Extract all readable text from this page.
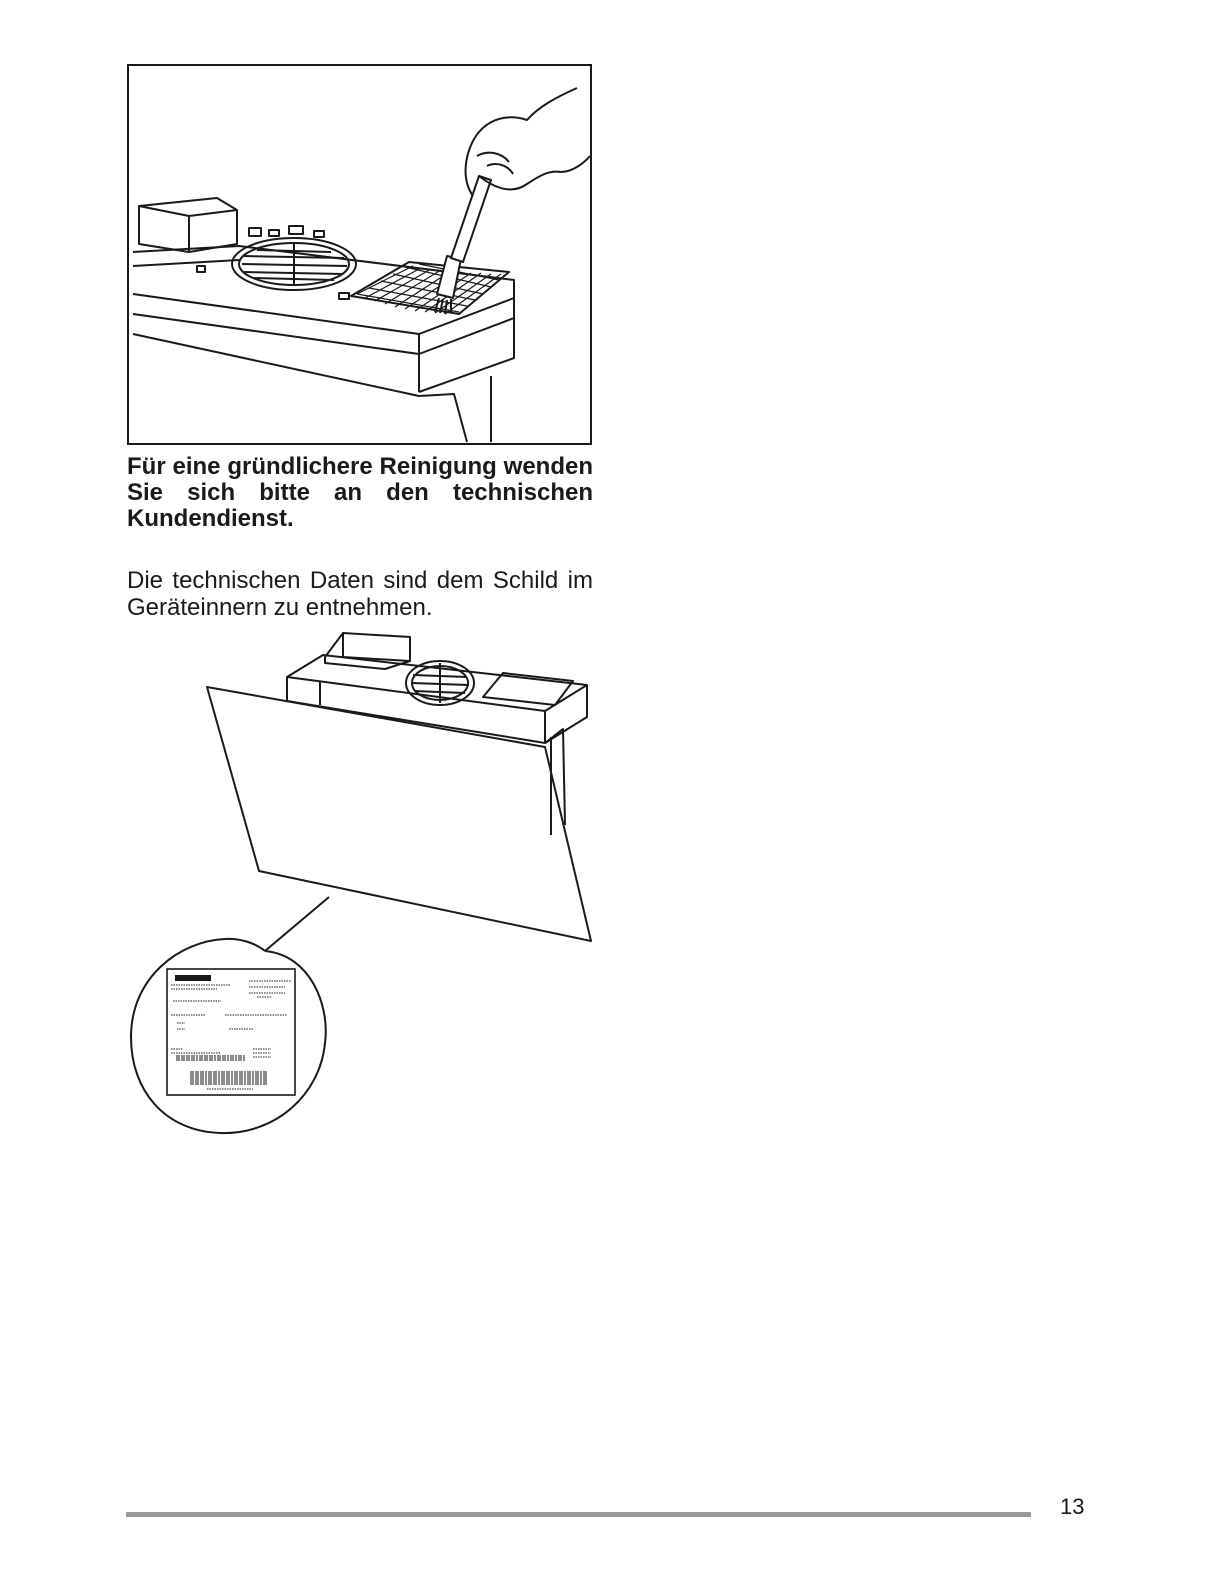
Für eine gründlichere Reinigung wenden Sie sich bitte an den technischen Kundendienst.

Die technischen Daten sind dem Schild im Geräteinnern zu entnehmen.

13
